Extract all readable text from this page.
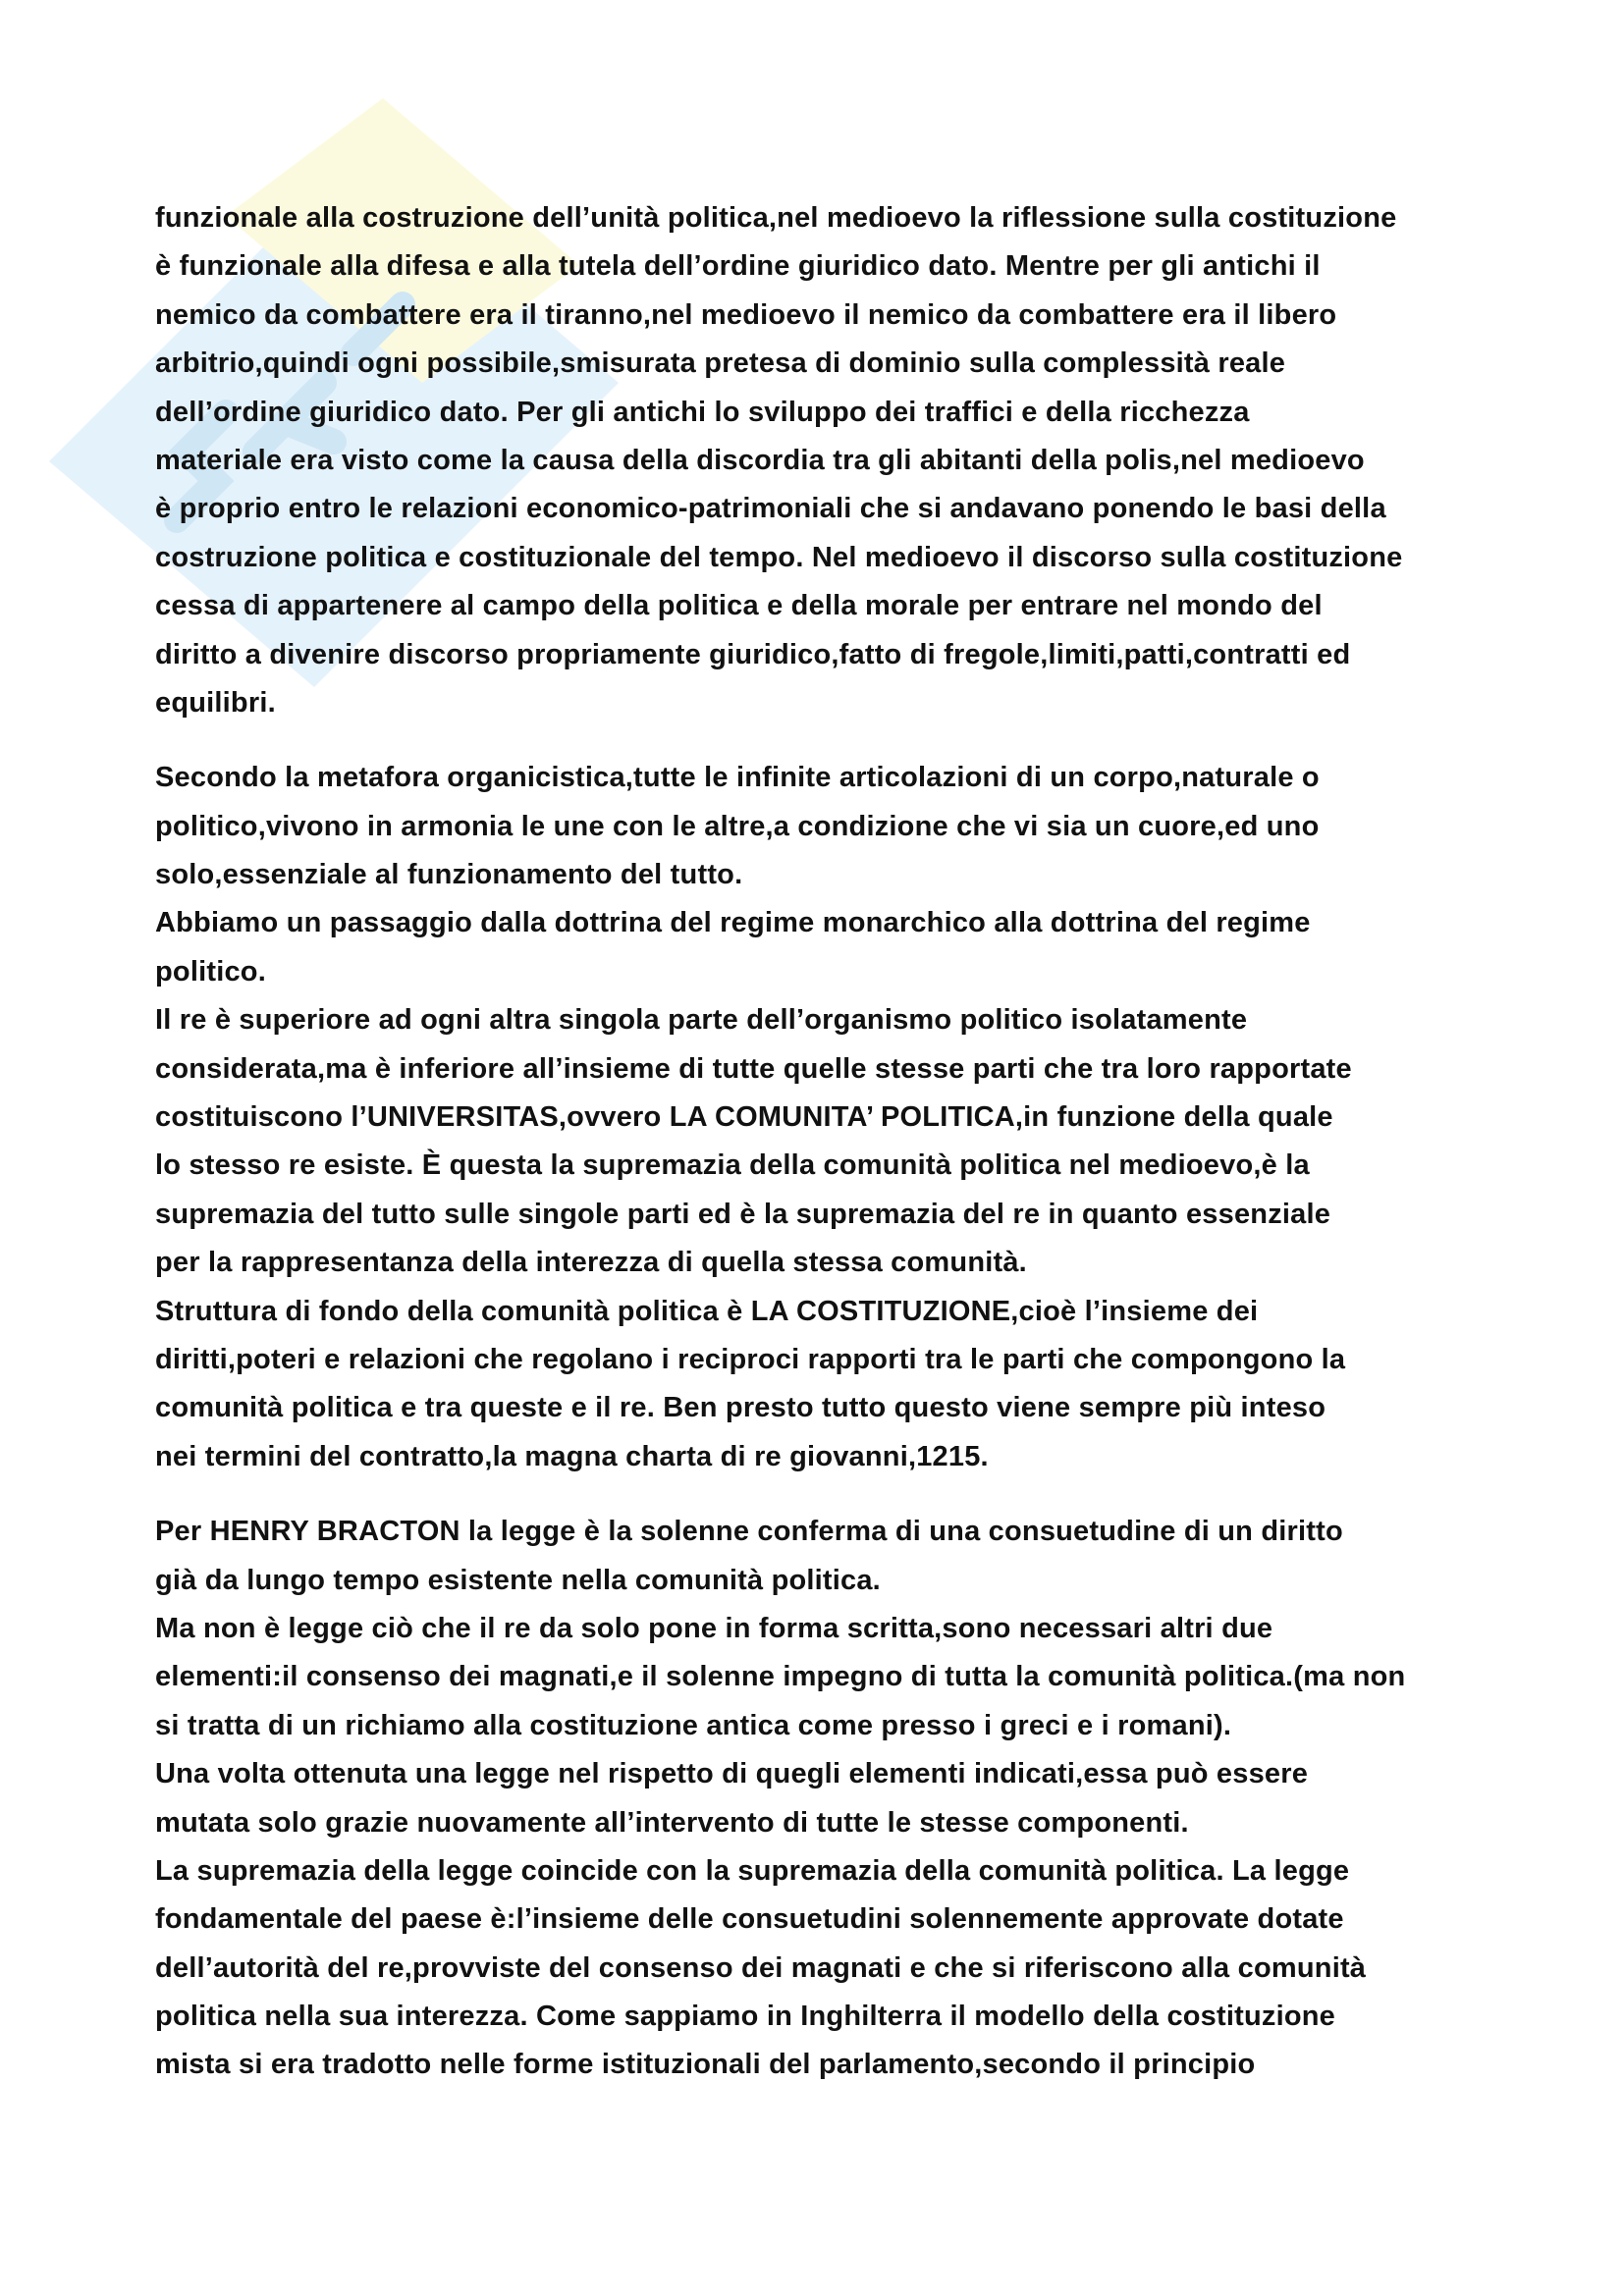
funzionale alla costruzione dell’unità politica,nel medioevo la riflessione sulla costituzione
è funzionale alla difesa e alla tutela dell’ordine giuridico dato. Mentre per gli antichi il
nemico da combattere era il tiranno,nel medioevo il nemico da combattere era il libero
arbitrio,quindi ogni possibile,smisurata pretesa di dominio sulla complessità reale
dell’ordine giuridico dato. Per gli antichi lo sviluppo dei traffici e della ricchezza
materiale era visto come la causa della discordia tra gli abitanti della polis,nel medioevo
è proprio entro le relazioni economico-patrimoniali che si andavano ponendo le basi della
costruzione politica e costituzionale del tempo. Nel medioevo il discorso sulla costituzione
cessa di appartenere al campo della politica e della morale per entrare nel mondo del
diritto a divenire discorso propriamente giuridico,fatto di fregole,limiti,patti,contratti ed
equilibri.
Secondo la metafora organicistica,tutte le infinite articolazioni di un corpo,naturale o
politico,vivono in armonia le une con le altre,a condizione che vi sia un cuore,ed uno
solo,essenziale al funzionamento del tutto.
Abbiamo un passaggio dalla dottrina del regime monarchico alla dottrina del regime
politico.
Il re è superiore ad ogni altra singola parte dell’organismo politico isolatamente
considerata,ma è inferiore all’insieme di tutte quelle stesse parti che tra loro rapportate
costituiscono l’UNIVERSITAS,ovvero LA COMUNITA’ POLITICA,in funzione della quale
lo stesso re esiste. È questa la supremazia della comunità politica nel medioevo,è la
supremazia del tutto sulle singole parti ed è la supremazia del re in quanto essenziale
per la rappresentanza della interezza di quella stessa comunità.
Struttura di fondo della comunità politica è LA COSTITUZIONE,cioè l’insieme dei
diritti,poteri e relazioni che regolano i reciproci rapporti tra le parti che compongono la
comunità politica e tra queste e il re. Ben presto tutto questo viene sempre più inteso
nei termini del contratto,la magna charta di re giovanni,1215.
Per HENRY BRACTON la legge è la solenne conferma di una consuetudine di un diritto
già da lungo tempo esistente nella comunità politica.
Ma non è legge ciò che il re da solo pone in forma scritta,sono necessari altri due
elementi:il consenso dei magnati,e il solenne impegno di tutta la comunità politica.(ma non
si tratta di un richiamo alla costituzione antica come presso i greci e i romani).
Una volta ottenuta una legge nel rispetto di quegli elementi indicati,essa può essere
mutata solo grazie nuovamente all’intervento di tutte le stesse componenti.
La supremazia della legge coincide con la supremazia della comunità politica. La legge
fondamentale del paese è:l’insieme delle consuetudini solennemente approvate dotate
dell’autorità del re,provviste del consenso dei magnati e che si riferiscono alla comunità
politica nella sua interezza. Come sappiamo in Inghilterra il modello della costituzione
mista si era tradotto nelle forme istituzionali del parlamento,secondo il principio
